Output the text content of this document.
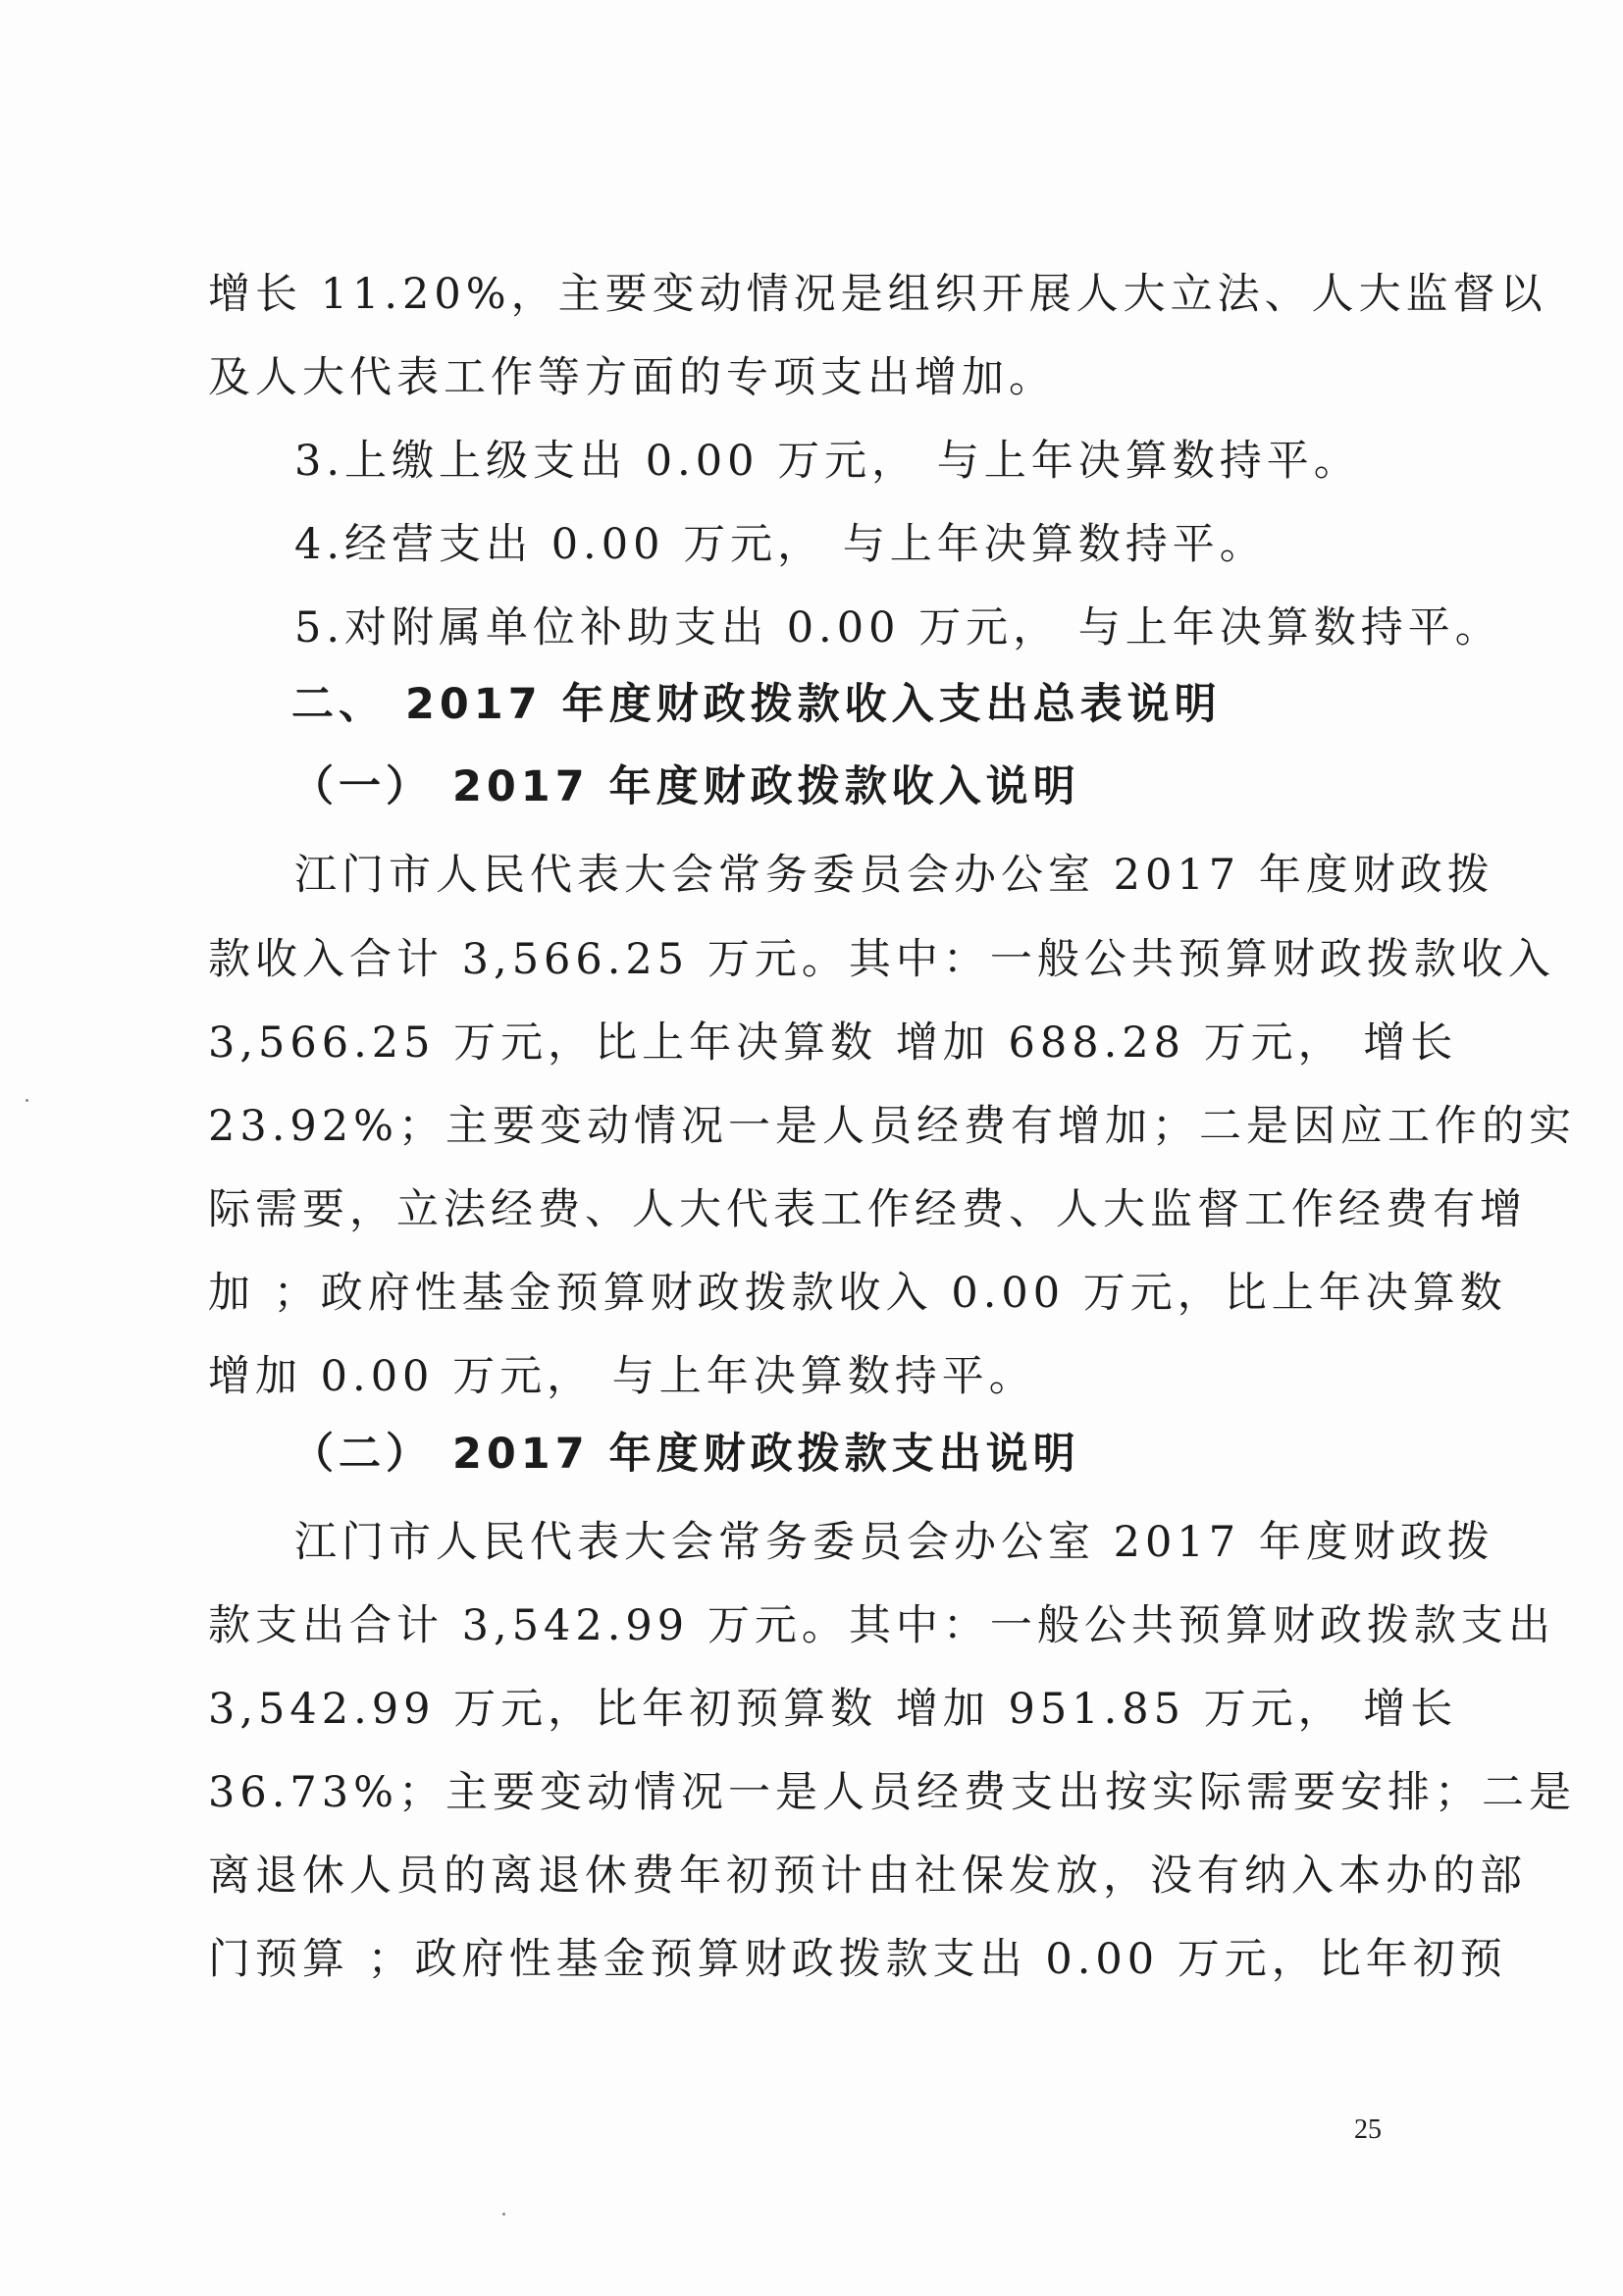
增长 11.20%，主要变动情况是组织开展人大立法、人大监督以

及人大代表工作等方面的专项支出增加。

3.上缴上级支出 0.00 万元， 与上年决算数持平。

4.经营支出 0.00 万元， 与上年决算数持平。

5.对附属单位补助支出 0.00 万元， 与上年决算数持平。

二、 2017 年度财政拨款收入支出总表说明

（一） 2017 年度财政拨款收入说明

江门市人民代表大会常务委员会办公室 2017 年度财政拨

款收入合计 3,566.25 万元。其中：一般公共预算财政拨款收入

3,566.25 万元，比上年决算数 增加 688.28 万元， 增长

23.92%；主要变动情况一是人员经费有增加；二是因应工作的实

际需要，立法经费、人大代表工作经费、人大监督工作经费有增

加 ；政府性基金预算财政拨款收入 0.00 万元，比上年决算数

增加 0.00 万元， 与上年决算数持平。

（二） 2017 年度财政拨款支出说明

江门市人民代表大会常务委员会办公室 2017 年度财政拨

款支出合计 3,542.99 万元。其中：一般公共预算财政拨款支出

3,542.99 万元，比年初预算数 增加 951.85 万元， 增长

36.73%；主要变动情况一是人员经费支出按实际需要安排；二是

离退休人员的离退休费年初预计由社保发放，没有纳入本办的部

门预算 ；政府性基金预算财政拨款支出 0.00 万元，比年初预

25
